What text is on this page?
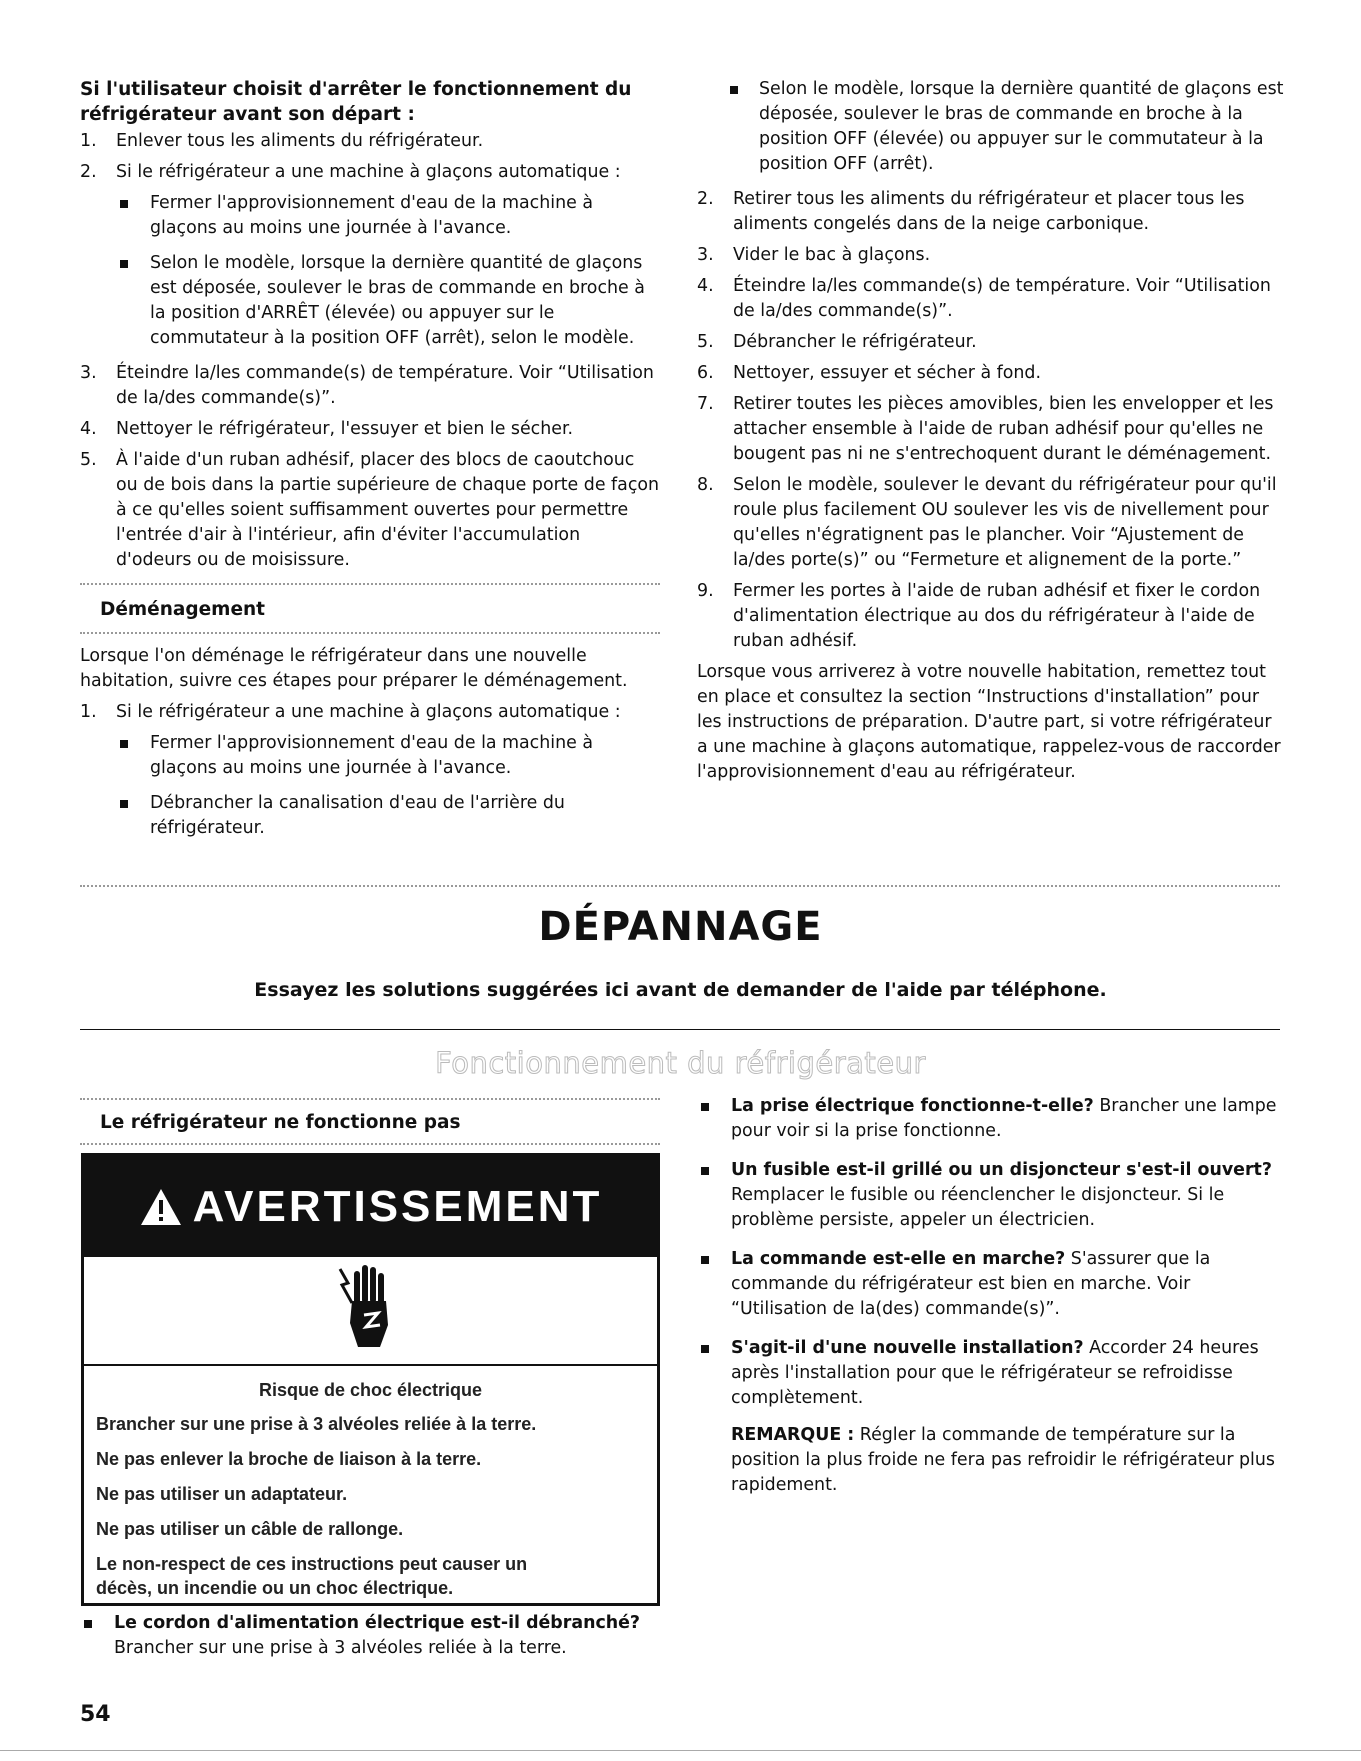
Si l'utilisateur choisit d'arrêter le fonctionnement du réfrigérateur avant son départ :
1. Enlever tous les aliments du réfrigérateur.
2. Si le réfrigérateur a une machine à glaçons automatique :
Fermer l'approvisionnement d'eau de la machine à glaçons au moins une journée à l'avance.
Selon le modèle, lorsque la dernière quantité de glaçons est déposée, soulever le bras de commande en broche à la position d'ARRÊT (élevée) ou appuyer sur le commutateur à la position OFF (arrêt), selon le modèle.
3. Éteindre la/les commande(s) de température. Voir “Utilisation de la/des commande(s)”.
4. Nettoyer le réfrigérateur, l'essuyer et bien le sécher.
5. À l'aide d'un ruban adhésif, placer des blocs de caoutchouc ou de bois dans la partie supérieure de chaque porte de façon à ce qu'elles soient suffisamment ouvertes pour permettre l'entrée d'air à l'intérieur, afin d'éviter l'accumulation d'odeurs ou de moisissure.
Déménagement

Lorsque l'on déménage le réfrigérateur dans une nouvelle habitation, suivre ces étapes pour préparer le déménagement.

1. Si le réfrigérateur a une machine à glaçons automatique :
Fermer l'approvisionnement d'eau de la machine à glaçons au moins une journée à l'avance.
Débrancher la canalisation d'eau de l'arrière du réfrigérateur.
Selon le modèle, lorsque la dernière quantité de glaçons est déposée, soulever le bras de commande en broche à la position OFF (élevée) ou appuyer sur le commutateur à la position OFF (arrêt).
2. Retirer tous les aliments du réfrigérateur et placer tous les aliments congelés dans de la neige carbonique.
3. Vider le bac à glaçons.
4. Éteindre la/les commande(s) de température. Voir “Utilisation de la/des commande(s)”.
5. Débrancher le réfrigérateur.
6. Nettoyer, essuyer et sécher à fond.
7. Retirer toutes les pièces amovibles, bien les envelopper et les attacher ensemble à l'aide de ruban adhésif pour qu'elles ne bougent pas ni ne s'entrechoquent durant le déménagement.
8. Selon le modèle, soulever le devant du réfrigérateur pour qu'il roule plus facilement OU soulever les vis de nivellement pour qu'elles n'égratignent pas le plancher. Voir “Ajustement de la/des porte(s)” ou “Fermeture et alignement de la porte.”
9. Fermer les portes à l'aide de ruban adhésif et fixer le cordon d'alimentation électrique au dos du réfrigérateur à l'aide de ruban adhésif.

Lorsque vous arriverez à votre nouvelle habitation, remettez tout en place et consultez la section “Instructions d'installation” pour les instructions de préparation. D'autre part, si votre réfrigérateur a une machine à glaçons automatique, rappelez-vous de raccorder l'approvisionnement d'eau au réfrigérateur.

DÉPANNAGE
Essayez les solutions suggérées ici avant de demander de l'aide par téléphone.
Fonctionnement du réfrigérateur
Le réfrigérateur ne fonctionne pas
AVERTISSEMENT
Risque de choc électrique
Brancher sur une prise à 3 alvéoles reliée à la terre.
Ne pas enlever la broche de liaison à la terre.
Ne pas utiliser un adaptateur.
Ne pas utiliser un câble de rallonge.
Le non-respect de ces instructions peut causer un décès, un incendie ou un choc électrique.
Le cordon d'alimentation électrique est-il débranché?
Brancher sur une prise à 3 alvéoles reliée à la terre.
La prise électrique fonctionne-t-elle? Brancher une lampe pour voir si la prise fonctionne.
Un fusible est-il grillé ou un disjoncteur s'est-il ouvert?
Remplacer le fusible ou réenclencher le disjoncteur. Si le problème persiste, appeler un électricien.
La commande est-elle en marche? S'assurer que la commande du réfrigérateur est bien en marche. Voir “Utilisation de la(des) commande(s)”.
S'agit-il d'une nouvelle installation? Accorder 24 heures après l'installation pour que le réfrigérateur se refroidisse complètement.

REMARQUE : Régler la commande de température sur la position la plus froide ne fera pas refroidir le réfrigérateur plus rapidement.

54
